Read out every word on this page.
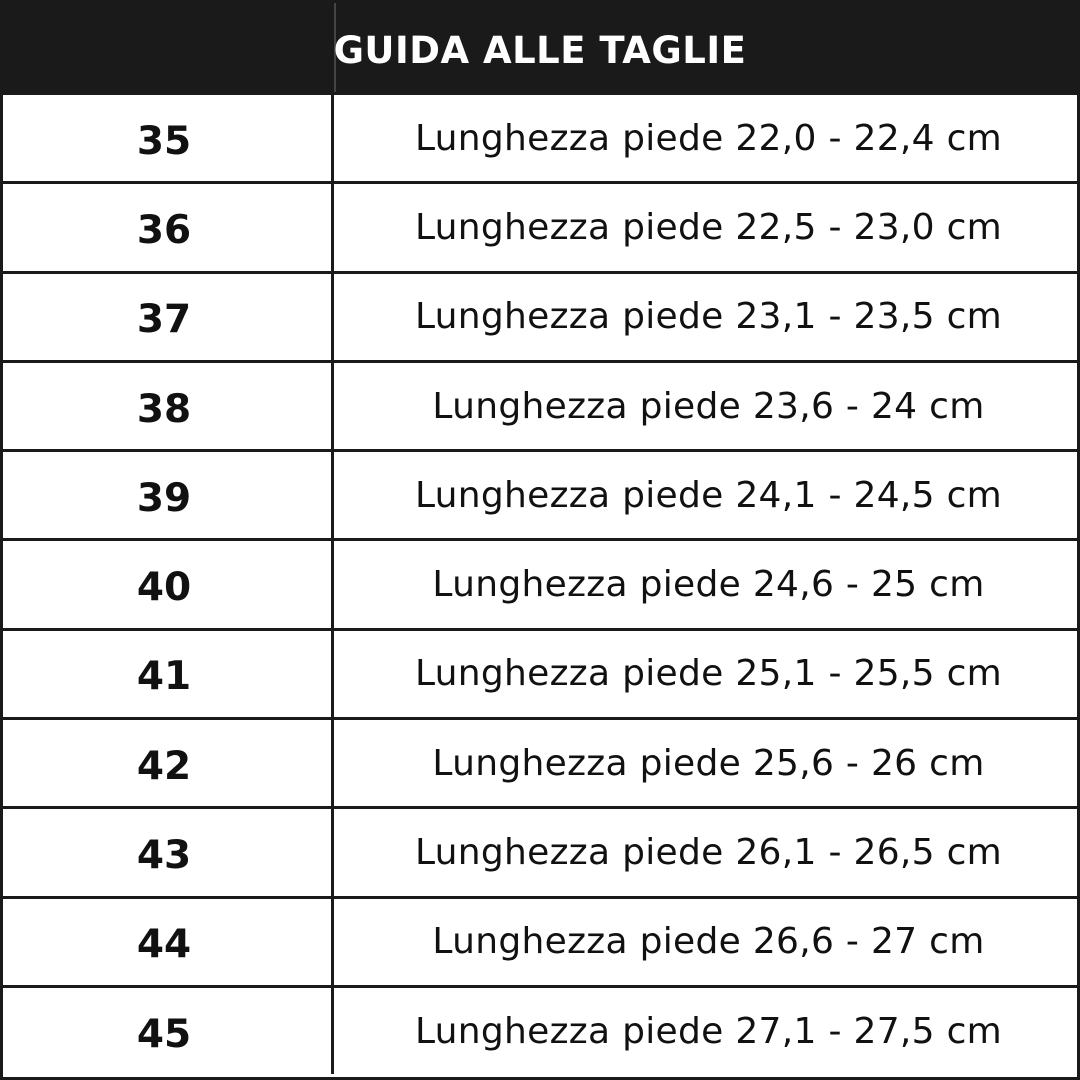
GUIDA ALLE TAGLIE
35	Lunghezza piede 22,0 - 22,4 cm
36	Lunghezza piede 22,5 - 23,0 cm
37	Lunghezza piede 23,1 - 23,5 cm
38	Lunghezza piede 23,6 - 24 cm
39	Lunghezza piede 24,1 - 24,5 cm
40	Lunghezza piede 24,6 - 25 cm
41	Lunghezza piede 25,1 - 25,5 cm
42	Lunghezza piede 25,6 - 26 cm
43	Lunghezza piede 26,1 - 26,5 cm
44	Lunghezza piede 26,6 - 27 cm
45	Lunghezza piede 27,1 - 27,5 cm
